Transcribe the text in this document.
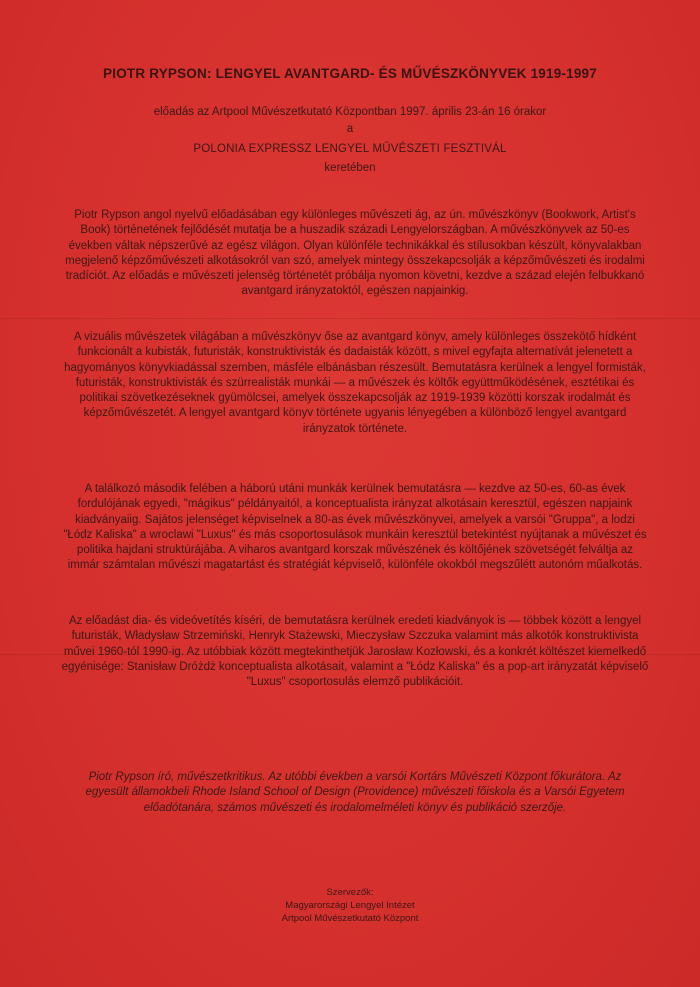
PIOTR RYPSON: LENGYEL AVANTGARD- ÉS MŰVÉSZKÖNYVEK 1919-1997
előadás az Artpool Művészetkutató Központban 1997. április 23-án 16 órakor
a
POLONIA EXPRESSZ LENGYEL MŰVÉSZETI FESZTIVÁL
keretében

Piotr Rypson angol nyelvű előadásában egy különleges művészeti ág, az ún. művészkönyv (Bookwork, Artist's Book) történetének fejlődését mutatja be a huszadik századi Lengyelországban. A művészkönyvek az 50-es években váltak népszerűvé az egész világon. Olyan különféle technikákkal és stílusokban készült, könyvalakban megjelenő képzőművészeti alkotásokról van szó, amelyek mintegy összekapcsolják a képzőművészeti és irodalmi tradíciót. Az előadás e művészeti jelenség történetét próbálja nyomon követni, kezdve a század elején felbukkanó avantgard irányzatoktól, egészen napjainkig.

A vizuális művészetek világában a művészkönyv őse az avantgard könyv, amely különleges összekötő hídként funkcionált a kubisták, futuristák, konstruktivisták és dadaisták között, s mivel egyfajta alternatívát jelenetett a hagyományos könyvkiadással szemben, másféle elbánásban részesült. Bemutatásra kerülnek a lengyel formisták, futuristák, konstruktivisták és szürrealisták munkái — a művészek és költők együttműködésének, esztétikai és politikai szövetkezéseknek gyümölcsei, amelyek összekapcsolják az 1919-1939 közötti korszak irodalmát és képzőművészetét. A lengyel avantgard könyv története ugyanis lényegében a különböző lengyel avantgard irányzatok története.

A találkozó második felében a háború utáni munkák kerülnek bemutatásra — kezdve az 50-es, 60-as évek fordulójának egyedi, "mágikus" példányaitól, a konceptualista irányzat alkotásain keresztül, egészen napjaink kiadványaiig. Sajátos jelenséget képviselnek a 80-as évek művészkönyvei, amelyek a varsói "Gruppa", a lodzi "Łódz Kaliska" a wroclawi "Luxus" és más csoportosulások munkáin keresztül betekintést nyújtanak a művészet és politika hajdani struktúrájába. A viharos avantgard korszak művészének és költőjének szövetségét felváltja az immár számtalan művészi magatartást és stratégiát képviselő, különféle okokból megszűlétt autonóm műalkotás.

Az előadást dia- és videóvetítés kíséri, de bemutatásra kerülnek eredeti kiadványok is — többek között a lengyel futuristák, Władysław Strzemiński, Henryk Stażewski, Mieczysław Szczuka valamint más alkotók konstruktivista művei 1960-tól 1990-ig. Az utóbbiak között megtekinthetjük Jarosław Kozłowski, és a konkrét költészet kiemelkedő egyénisége: Stanisław Dróżdż konceptualista alkotásait, valamint a "Łódz Kaliska" és a pop-art irányzatát képviselő "Luxus" csoportosulás elemző publikációit.

Piotr Rypson író, művészetkritikus. Az utóbbi években a varsói Kortárs Művészeti Központ főkurátora. Az egyesült államokbeli Rhode Island School of Design (Providence) művészeti főiskola és a Varsói Egyetem előadótanára, számos művészeti és irodalomelméleti könyv és publikáció szerzője.

Szervezők:
Magyarországi Lengyel Intézet
Artpool Művészetkutató Központ
